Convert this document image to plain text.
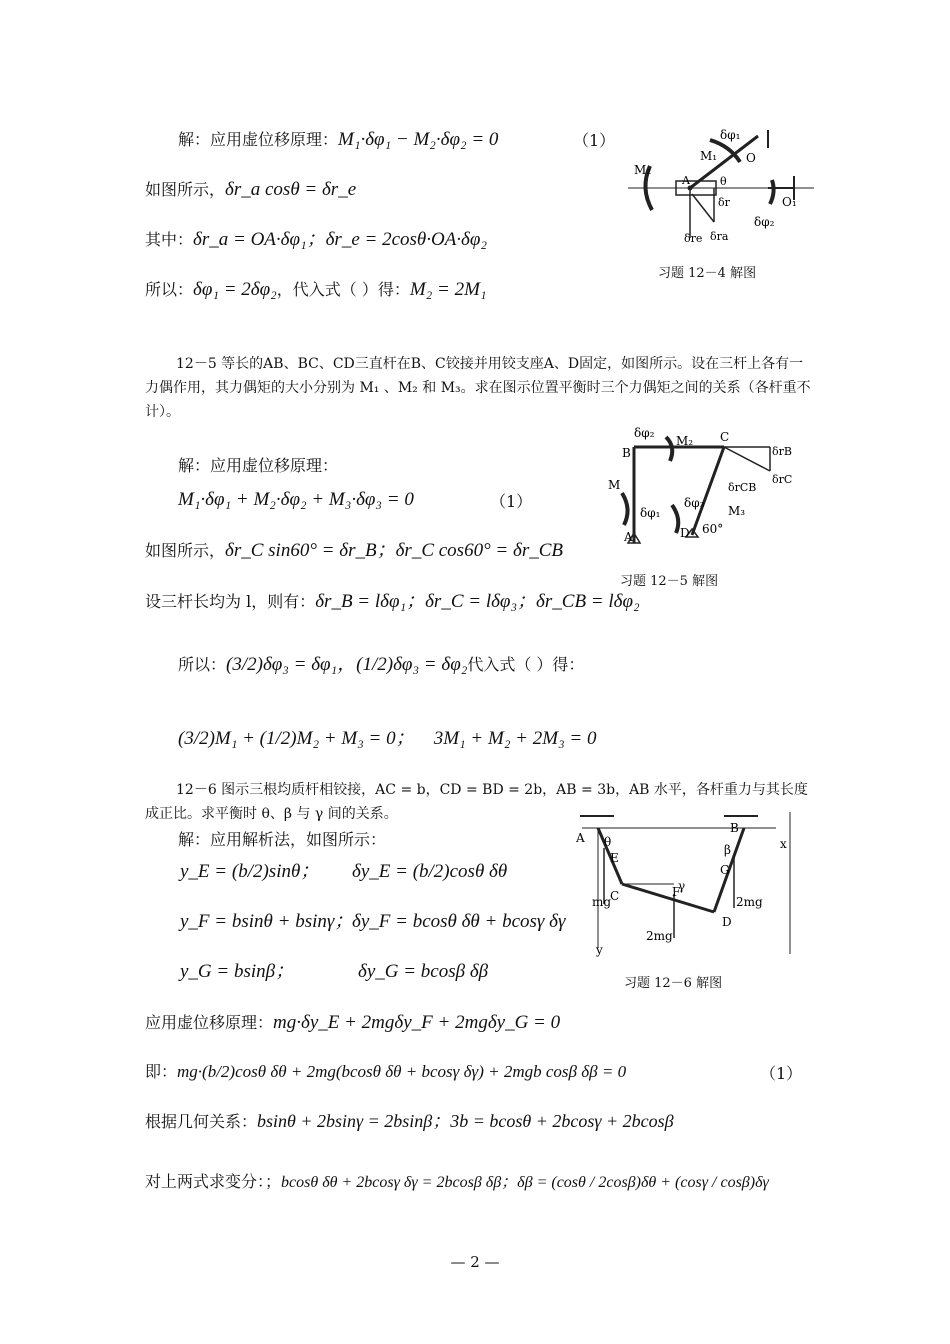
解：应用虚位移原理：M₁·δφ₁ − M₂·δφ₂ = 0	（1）
如图所示，δr_a cosθ = δr_e
其中：δr_a = OA·δφ₁；δr_e = 2cosθ·OA·δφ₂
所以：δφ₁ = 2δφ₂，代入式（ ）得：M₂ = 2M₁
δφ₁
M₁ O
M₂
A	θ
δr	O₁
δφ₂
δre δra
习题 12－4 解图
12－5 等长的AB、BC、CD三直杆在B、C铰接并用铰支座A、D固定，如图所示。设在三杆上各有一力偶作用，其力偶矩的大小分别为 M₁ 、M₂ 和 M₃。求在图示位置平衡时三个力偶矩之间的关系（各杆重不计）。
解：应用虚位移原理：
M₁·δφ₁ + M₂·δφ₂ + M₃·δφ₃ = 0	（1）
如图所示，δr_C sin60° = δr_B；δr_C cos60° = δr_CB
设三杆长均为 l，则有：δr_B = lδφ₁；δr_C = lδφ₃；δr_CB = lδφ₂
所以：(3/2)δφ₃ = δφ₁，(1/2)δφ₃ = δφ₂代入式（ ）得：
(3/2)M₁ + (1/2)M₂ + M₃ = 0； 3M₁ + M₂ + 2M₃ = 0
δφ₂
M₂
B
C
δrB
δrC
δrCB
M
δφ₁
δφ₃
M₃
D 60°
A
习题 12－5 解图
12－6 图示三根均质杆相铰接，AC = b，CD = BD = 2b，AB = 3b，AB 水平，各杆重力与其长度成正比。求平衡时 θ、β 与 γ 间的关系。
解：应用解析法，如图所示：
y_E = (b/2)sinθ； δy_E = (b/2)cosθ δθ
y_F = bsinθ + bsinγ；
δy_F = bcosθ δθ + bcosγ δγ
y_G = bsinβ；	δy_G = bcosβ δβ
应用虚位移原理：mg·δy_E + 2mgδy_F + 2mgδy_G = 0
即：mg·(b/2)cosθ δθ + 2mg(bcosθ δθ + bcosγ δγ) + 2mgb cosβ δβ = 0	（1）
根据几何关系：bsinθ + 2bsinγ = 2bsinβ；3b = bcosθ + 2bcosγ + 2bcosβ
对上两式求变分：；bcosθ δθ + 2bcosγ δγ = 2bcosβ δβ；δβ = (cosθ / 2cosβ)δθ + (cosγ / cosβ)δγ
A θ
E
C
mg
γ
F
2mg
D
G
2mg
B
β	x
y
习题 12－6 解图
— 2 —
